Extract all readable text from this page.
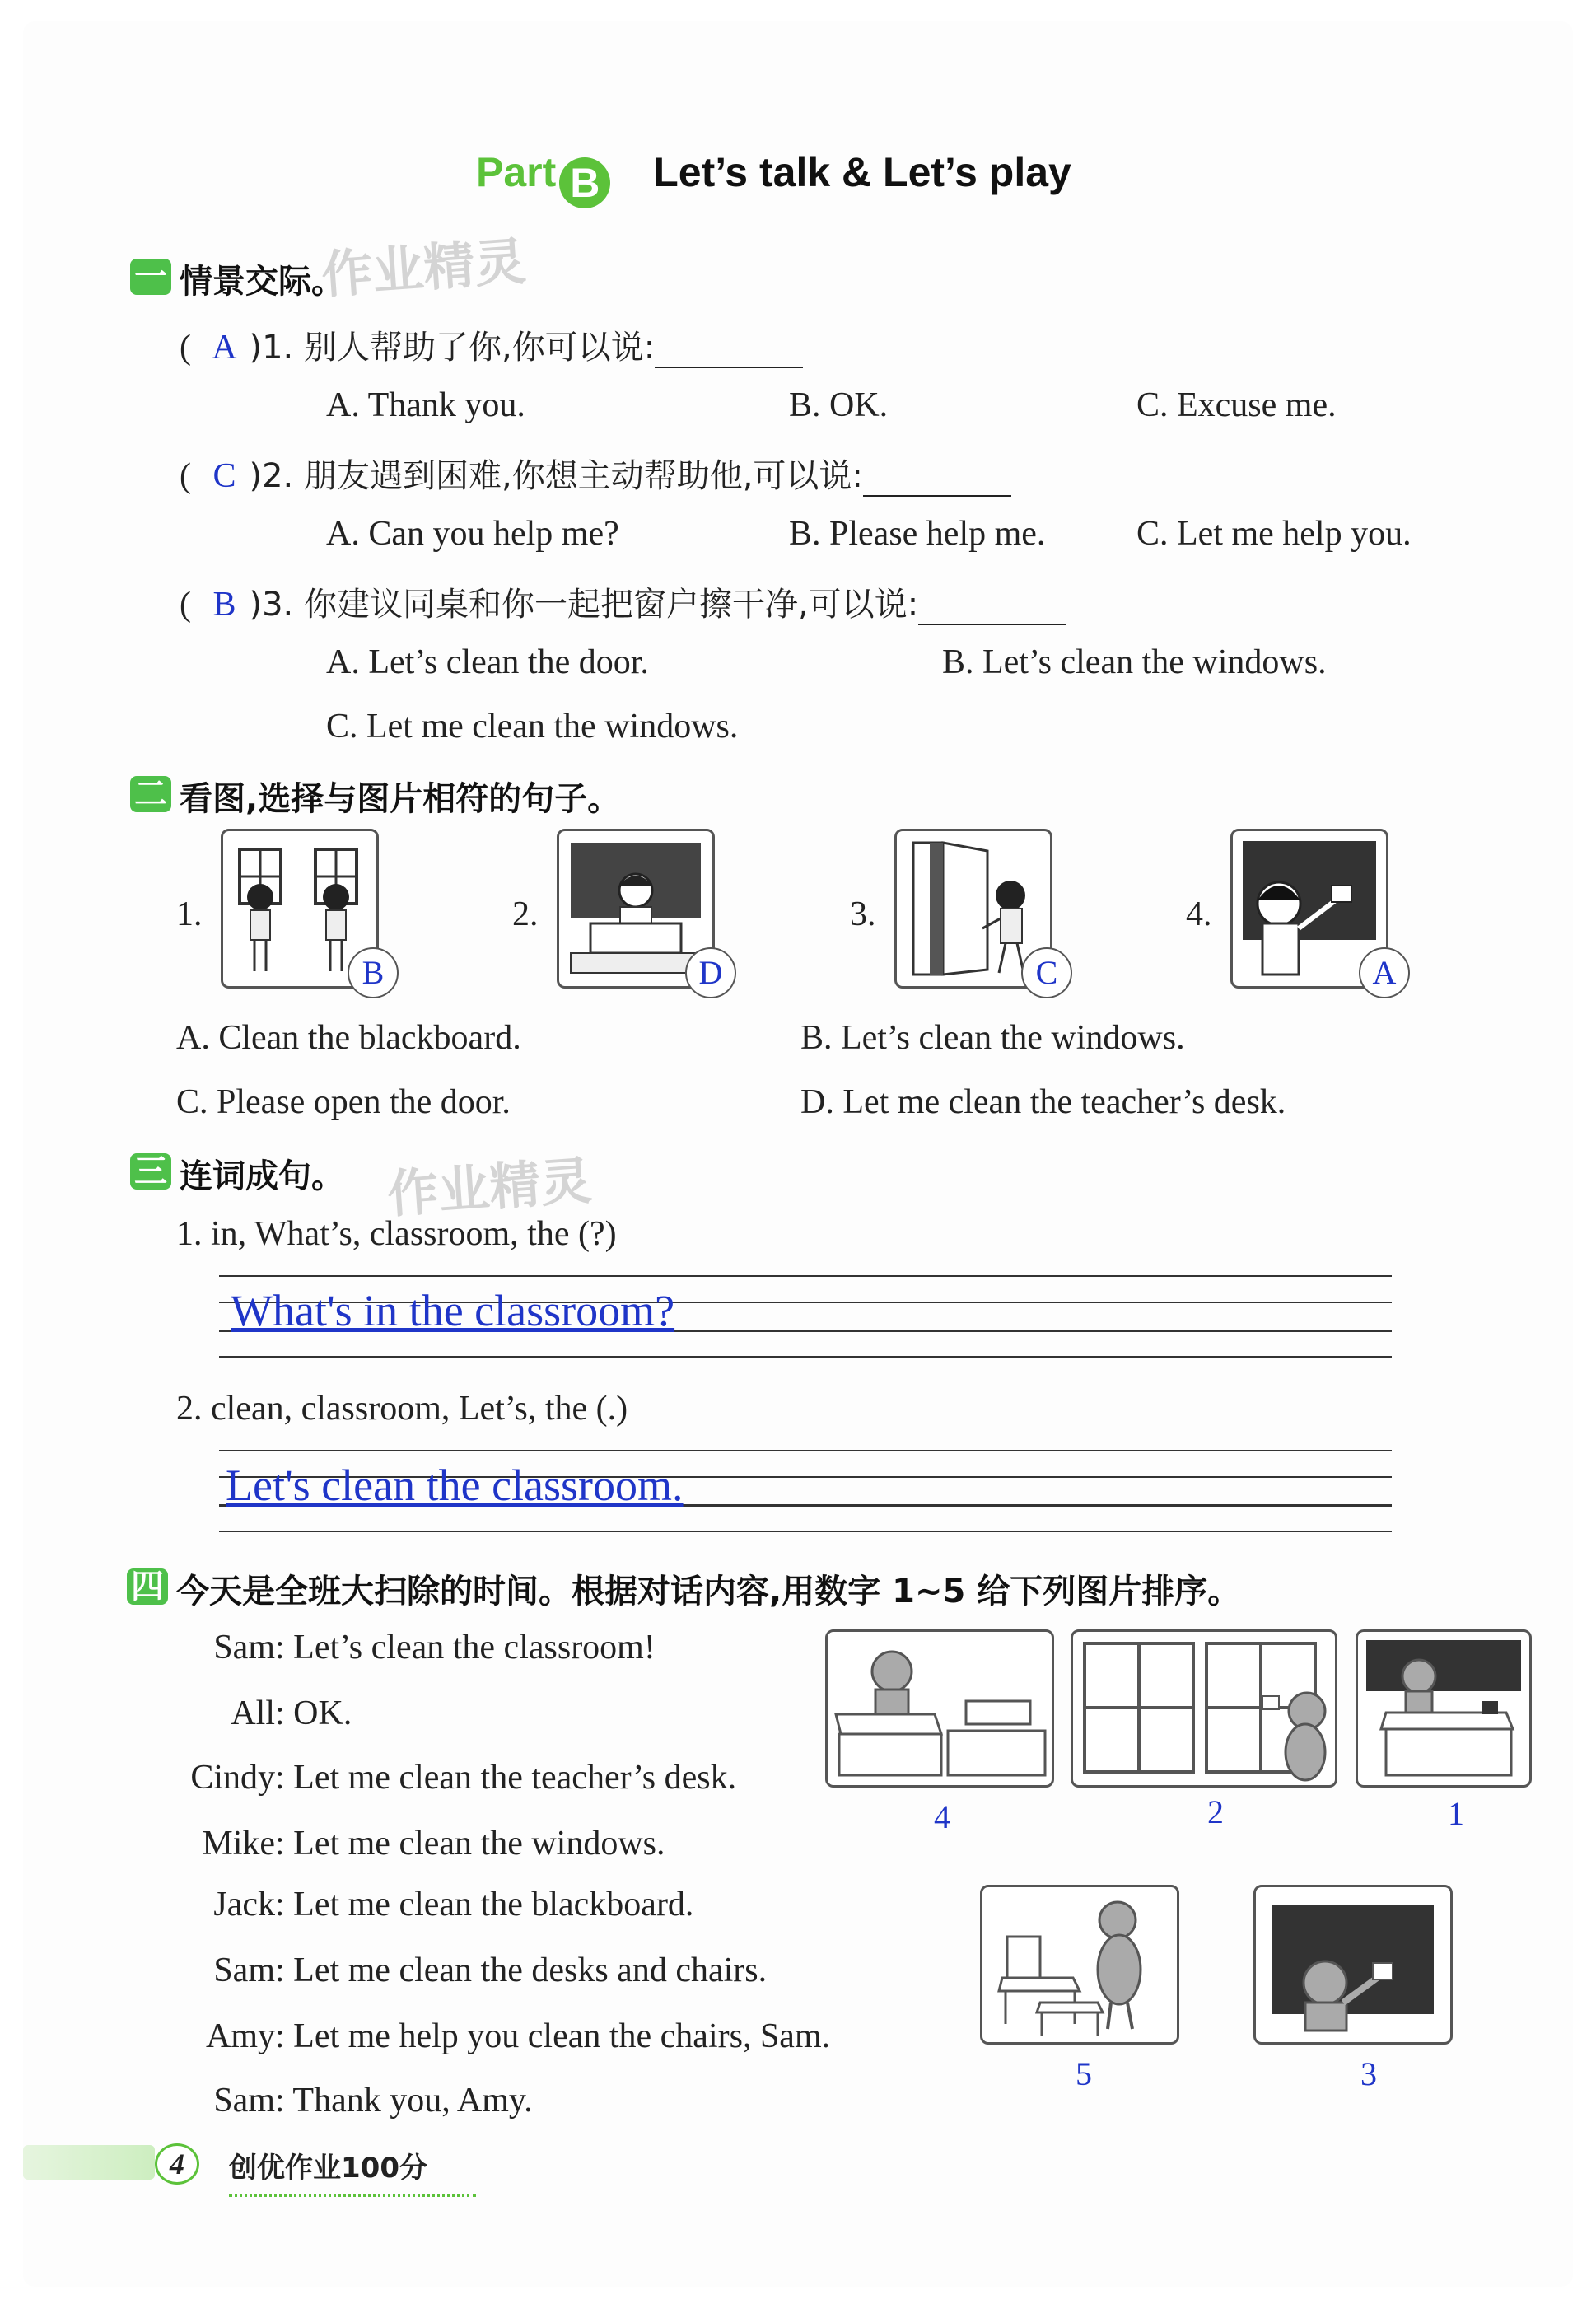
Part B Let’s talk & Let’s play
作业精灵
作业精灵
一 情景交际。
( A )1. 别人帮助了你,你可以说:
A. Thank you.	B. OK.	C. Excuse me.
( C )2. 朋友遇到困难,你想主动帮助他,可以说:
A. Can you help me?	B. Please help me.	C. Let me help you.
( B )3. 你建议同桌和你一起把窗户擦干净,可以说:
A. Let’s clean the door.	B. Let’s clean the windows.
C. Let me clean the windows.
二 看图,选择与图片相符的句子。
1.
B
2.
D
3.
C
4.
A
A. Clean the blackboard.	B. Let’s clean the windows.
C. Please open the door.	D. Let me clean the teacher’s desk.
三 连词成句。
1. in, What’s, classroom, the (?)
What's in the classroom?
2. clean, classroom, Let’s, the (.)
Let's clean the classroom.
四 今天是全班大扫除的时间。根据对话内容,用数字 1~5 给下列图片排序。
Sam: Let’s clean the classroom!
All: OK.
Cindy: Let me clean the teacher’s desk.
Mike: Let me clean the windows.
Jack: Let me clean the blackboard.
Sam: Let me clean the desks and chairs.
Amy: Let me help you clean the chairs, Sam.
Sam: Thank you, Amy.
4	2	1
5	3
4	创优作业100分
